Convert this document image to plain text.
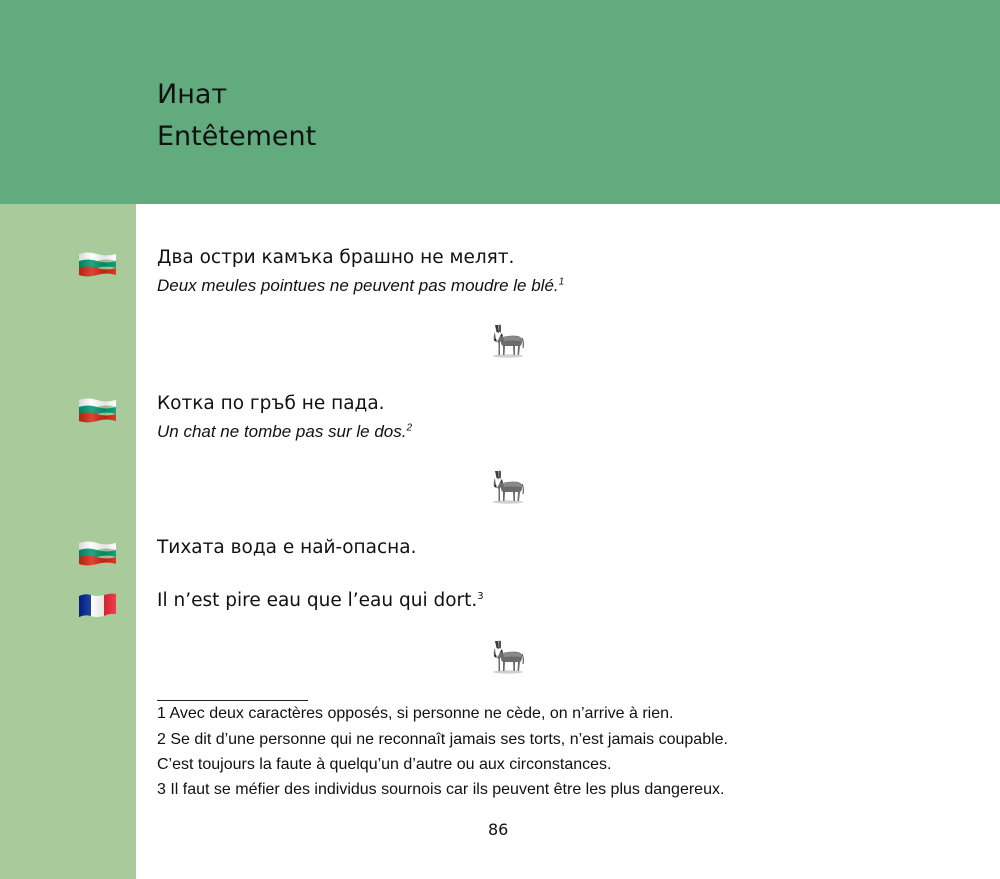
Инат
Entêtement
Два остри камъка брашно не мелят.
Deux meules pointues ne peuvent pas moudre le blé.$^1$
Котка по гръб не пада.
Un chat ne tombe pas sur le dos.$^2$
Тихата вода е най-опасна.
Il n’est pire eau que l’eau qui dort.$^3$
1 Avec deux caractères opposés, si personne ne cède, on n’arrive à rien.
2 Se dit d’une personne qui ne reconnaît jamais ses torts, n’est jamais coupable.
C’est toujours la faute à quelqu’un d’autre ou aux circonstances.
3 Il faut se méfier des individus sournois car ils peuvent être les plus dangereux.
86
